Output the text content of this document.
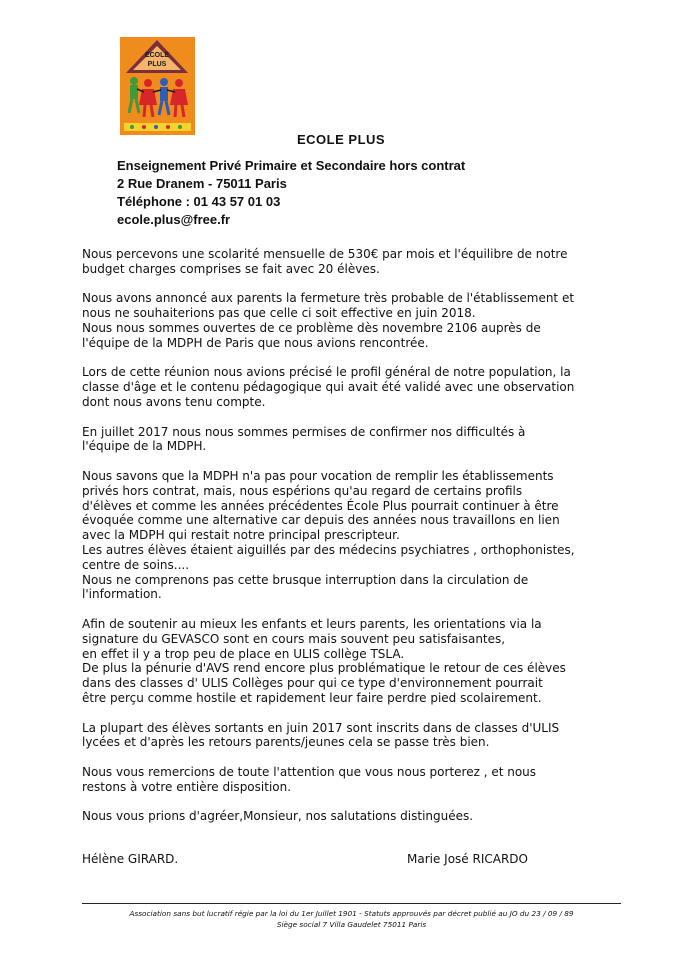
ECOLE
PLUS
ECOLE PLUS
Enseignement Privé Primaire et Secondaire hors contrat
2 Rue Dranem - 75011 Paris
Téléphone : 01 43 57 01 03
ecole.plus@free.fr
Nous percevons une scolarité mensuelle de 530€ par mois et l'équilibre de notre
budget charges comprises se fait avec 20 élèves.
Nous avons annoncé aux parents la fermeture très probable de l'établissement et
nous ne souhaiterions pas que celle ci soit effective en juin 2018.
Nous nous sommes ouvertes de ce problème dès novembre 2106 auprès de
l'équipe de la MDPH de Paris que nous avions rencontrée.
Lors de cette réunion nous avions précisé le profil général de notre population, la
classe d'âge et le contenu pédagogique qui avait été validé avec une observation
dont nous avons tenu compte.
En juillet 2017 nous nous sommes permises de confirmer nos difficultés à
l'équipe de la MDPH.
Nous savons que la MDPH n'a pas pour vocation de remplir les établissements
privés hors contrat, mais, nous espérions qu'au regard de certains profils
d'élèves et comme les années précédentes École Plus pourrait continuer à être
évoquée comme une alternative car depuis des années nous travaillons en lien
avec la MDPH qui restait notre principal prescripteur.
Les autres élèves étaient aiguillés par des médecins psychiatres , orthophonistes,
centre de soins....
Nous ne comprenons pas cette brusque interruption dans la circulation de
l'information.
Afin de soutenir au mieux les enfants et leurs parents, les orientations via la
signature du GEVASCO sont en cours mais souvent peu satisfaisantes,
en effet il y a trop peu de place en ULIS collège TSLA.
De plus la pénurie d'AVS rend encore plus problématique le retour de ces élèves
dans des classes d' ULIS Collèges pour qui ce type d'environnement pourrait
être perçu comme hostile et rapidement leur faire perdre pied scolairement.
La plupart des élèves sortants en juin 2017 sont inscrits dans de classes d'ULIS
lycées et d'après les retours parents/jeunes cela se passe très bien.
Nous vous remercions de toute l'attention que vous nous porterez , et nous
restons à votre entière disposition.
Nous vous prions d'agréer,Monsieur, nos salutations distinguées.
Hélène GIRARD.	Marie José RICARDO
Association sans but lucratif régie par la loi du 1er Juillet 1901 - Statuts approuvés par décret publié au JO du 23 / 09 / 89
Siège social 7 Villa Gaudelet 75011 Paris
